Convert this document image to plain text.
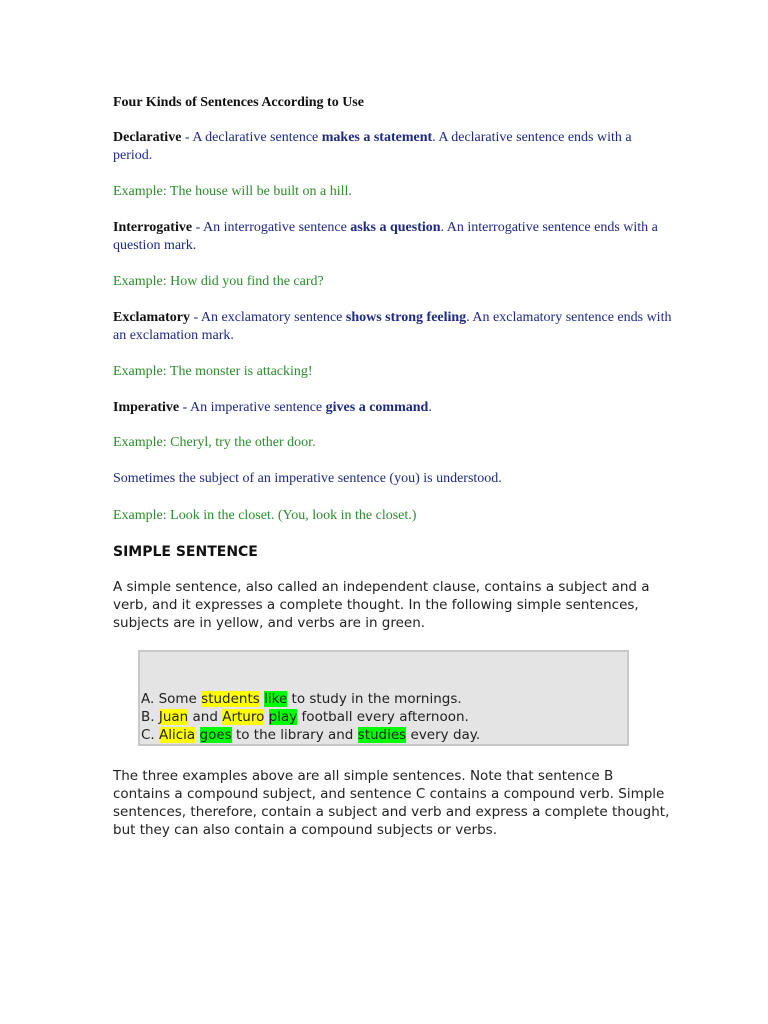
Four Kinds of Sentences According to Use

Declarative - A declarative sentence makes a statement. A declarative sentence ends with a period.

Example: The house will be built on a hill.

Interrogative - An interrogative sentence asks a question. An interrogative sentence ends with a question mark.

Example: How did you find the card?

Exclamatory - An exclamatory sentence shows strong feeling. An exclamatory sentence ends with an exclamation mark.

Example: The monster is attacking!

Imperative - An imperative sentence gives a command.

Example: Cheryl, try the other door.

Sometimes the subject of an imperative sentence (you) is understood.

Example: Look in the closet. (You, look in the closet.)

SIMPLE SENTENCE

A simple sentence, also called an independent clause, contains a subject and a verb, and it expresses a complete thought. In the following simple sentences, subjects are in yellow, and verbs are in green.

A. Some students like to study in the mornings.
B. Juan and Arturo play football every afternoon.
C. Alicia goes to the library and studies every day.

The three examples above are all simple sentences. Note that sentence B contains a compound subject, and sentence C contains a compound verb. Simple sentences, therefore, contain a subject and verb and express a complete thought, but they can also contain a compound subjects or verbs.
